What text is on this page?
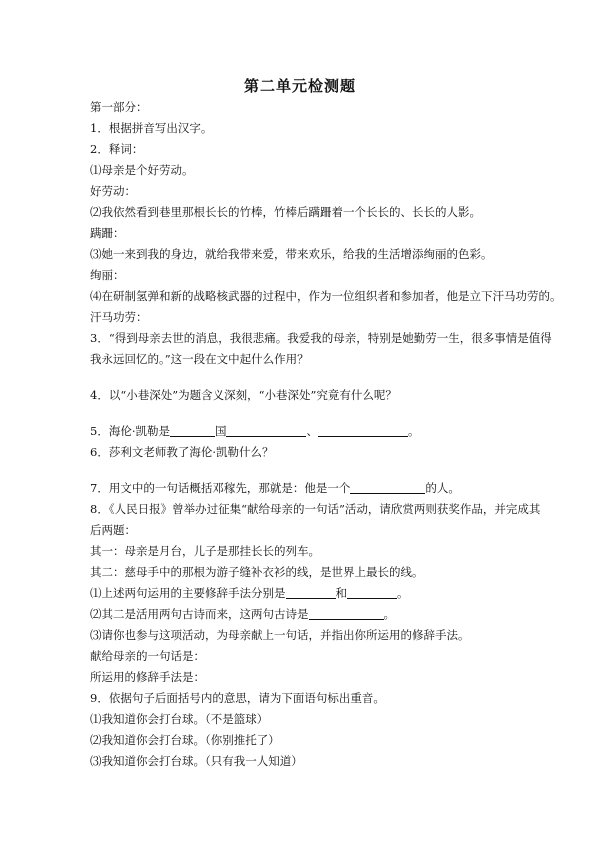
第二单元检测题
第一部分：
1．根据拼音写出汉字。
2．释词：
⑴母亲是个好劳动。
好劳动：
⑵我依然看到巷里那根长长的竹棒，竹棒后蹒跚着一个长长的、长长的人影。
蹒跚：
⑶她一来到我的身边，就给我带来爱，带来欢乐，给我的生活增添绚丽的色彩。
绚丽：
⑷在研制氢弹和新的战略核武器的过程中，作为一位组织者和参加者，他是立下汗马功劳的。
汗马功劳：
3．“得到母亲去世的消息，我很悲痛。我爱我的母亲，特别是她勤劳一生，很多事情是值得
我永远回忆的。”这一段在文中起什么作用？
4．以“小巷深处”为题含义深刻，“小巷深处”究竟有什么呢？
5．海伦·凯勒是	国	、	。
6．莎利文老师教了海伦·凯勒什么？
7．用文中的一句话概括邓稼先，那就是：他是一个	的人。
8．《人民日报》曾举办过征集“献给母亲的一句话”活动，请欣赏两则获奖作品，并完成其
后两题：
其一：母亲是月台，儿子是那挂长长的列车。
其二：慈母手中的那根为游子缝补衣衫的线，是世界上最长的线。
⑴上述两句运用的主要修辞手法分别是	和	。
⑵其二是活用两句古诗而来，这两句古诗是	。
⑶请你也参与这项活动，为母亲献上一句话，并指出你所运用的修辞手法。
献给母亲的一句话是：
所运用的修辞手法是：
9．依据句子后面括号内的意思，请为下面语句标出重音。
⑴我知道你会打台球。（不是篮球）
⑵我知道你会打台球。（你别推托了）
⑶我知道你会打台球。（只有我一人知道）
